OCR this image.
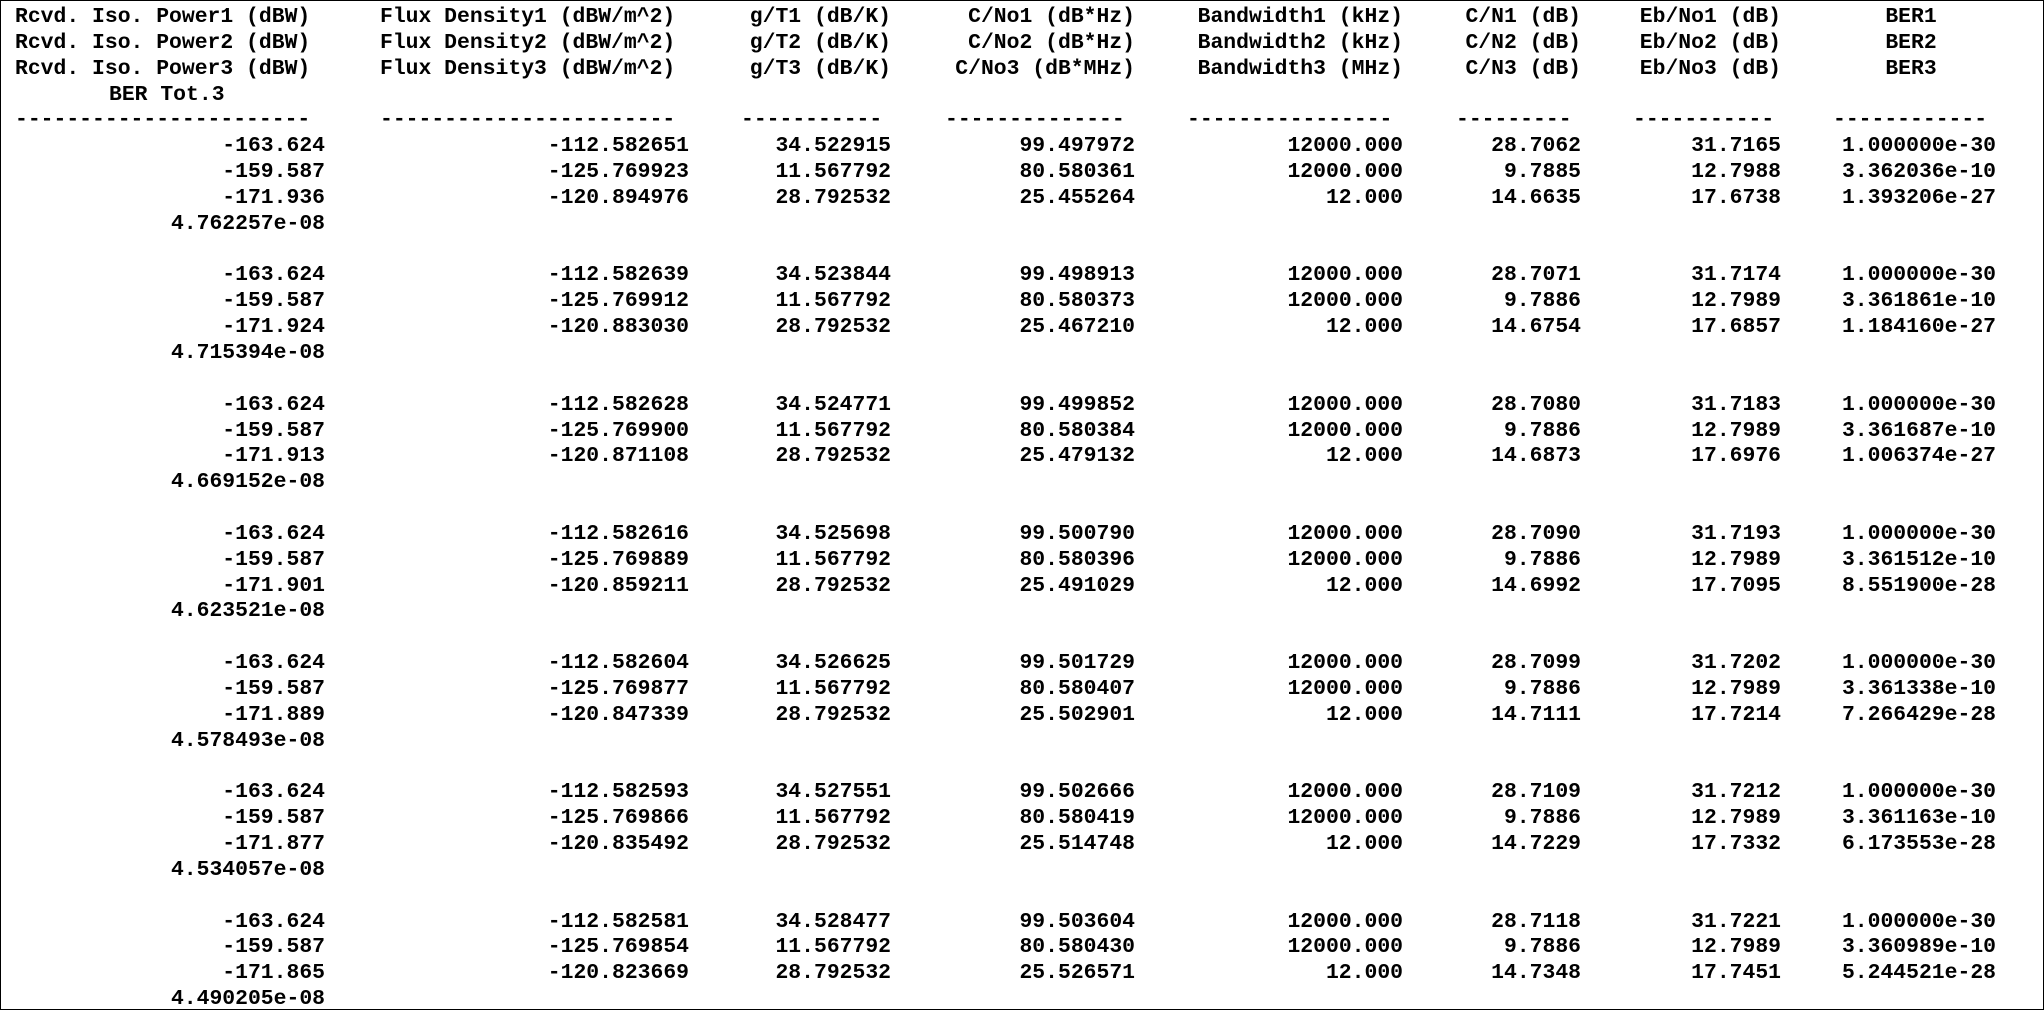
Rcvd. Iso. Power1 (dBW)	Flux Density1 (dBW/m^2)	g/T1 (dB/K)	C/No1 (dB*Hz)	Bandwidth1 (kHz)	C/N1 (dB)	Eb/No1 (dB)	BER1
Rcvd. Iso. Power2 (dBW)	Flux Density2 (dBW/m^2)	g/T2 (dB/K)	C/No2 (dB*Hz)	Bandwidth2 (kHz)	C/N2 (dB)	Eb/No2 (dB)	BER2
Rcvd. Iso. Power3 (dBW)	Flux Density3 (dBW/m^2)	g/T3 (dB/K)	C/No3 (dB*MHz)	Bandwidth3 (MHz)	C/N3 (dB)	Eb/No3 (dB)	BER3
BER Tot.3
-----------------------	-----------------------	-----------	--------------	----------------	---------	-----------	------------
-163.624	-112.582651	34.522915	99.497972	12000.000	28.7062	31.7165	1.000000e-30
-159.587	-125.769923	11.567792	80.580361	12000.000	9.7885	12.7988	3.362036e-10
-171.936	-120.894976	28.792532	25.455264	12.000	14.6635	17.6738	1.393206e-27
4.762257e-08
-163.624	-112.582639	34.523844	99.498913	12000.000	28.7071	31.7174	1.000000e-30
-159.587	-125.769912	11.567792	80.580373	12000.000	9.7886	12.7989	3.361861e-10
-171.924	-120.883030	28.792532	25.467210	12.000	14.6754	17.6857	1.184160e-27
4.715394e-08
-163.624	-112.582628	34.524771	99.499852	12000.000	28.7080	31.7183	1.000000e-30
-159.587	-125.769900	11.567792	80.580384	12000.000	9.7886	12.7989	3.361687e-10
-171.913	-120.871108	28.792532	25.479132	12.000	14.6873	17.6976	1.006374e-27
4.669152e-08
-163.624	-112.582616	34.525698	99.500790	12000.000	28.7090	31.7193	1.000000e-30
-159.587	-125.769889	11.567792	80.580396	12000.000	9.7886	12.7989	3.361512e-10
-171.901	-120.859211	28.792532	25.491029	12.000	14.6992	17.7095	8.551900e-28
4.623521e-08
-163.624	-112.582604	34.526625	99.501729	12000.000	28.7099	31.7202	1.000000e-30
-159.587	-125.769877	11.567792	80.580407	12000.000	9.7886	12.7989	3.361338e-10
-171.889	-120.847339	28.792532	25.502901	12.000	14.7111	17.7214	7.266429e-28
4.578493e-08
-163.624	-112.582593	34.527551	99.502666	12000.000	28.7109	31.7212	1.000000e-30
-159.587	-125.769866	11.567792	80.580419	12000.000	9.7886	12.7989	3.361163e-10
-171.877	-120.835492	28.792532	25.514748	12.000	14.7229	17.7332	6.173553e-28
4.534057e-08
-163.624	-112.582581	34.528477	99.503604	12000.000	28.7118	31.7221	1.000000e-30
-159.587	-125.769854	11.567792	80.580430	12000.000	9.7886	12.7989	3.360989e-10
-171.865	-120.823669	28.792532	25.526571	12.000	14.7348	17.7451	5.244521e-28
4.490205e-08
